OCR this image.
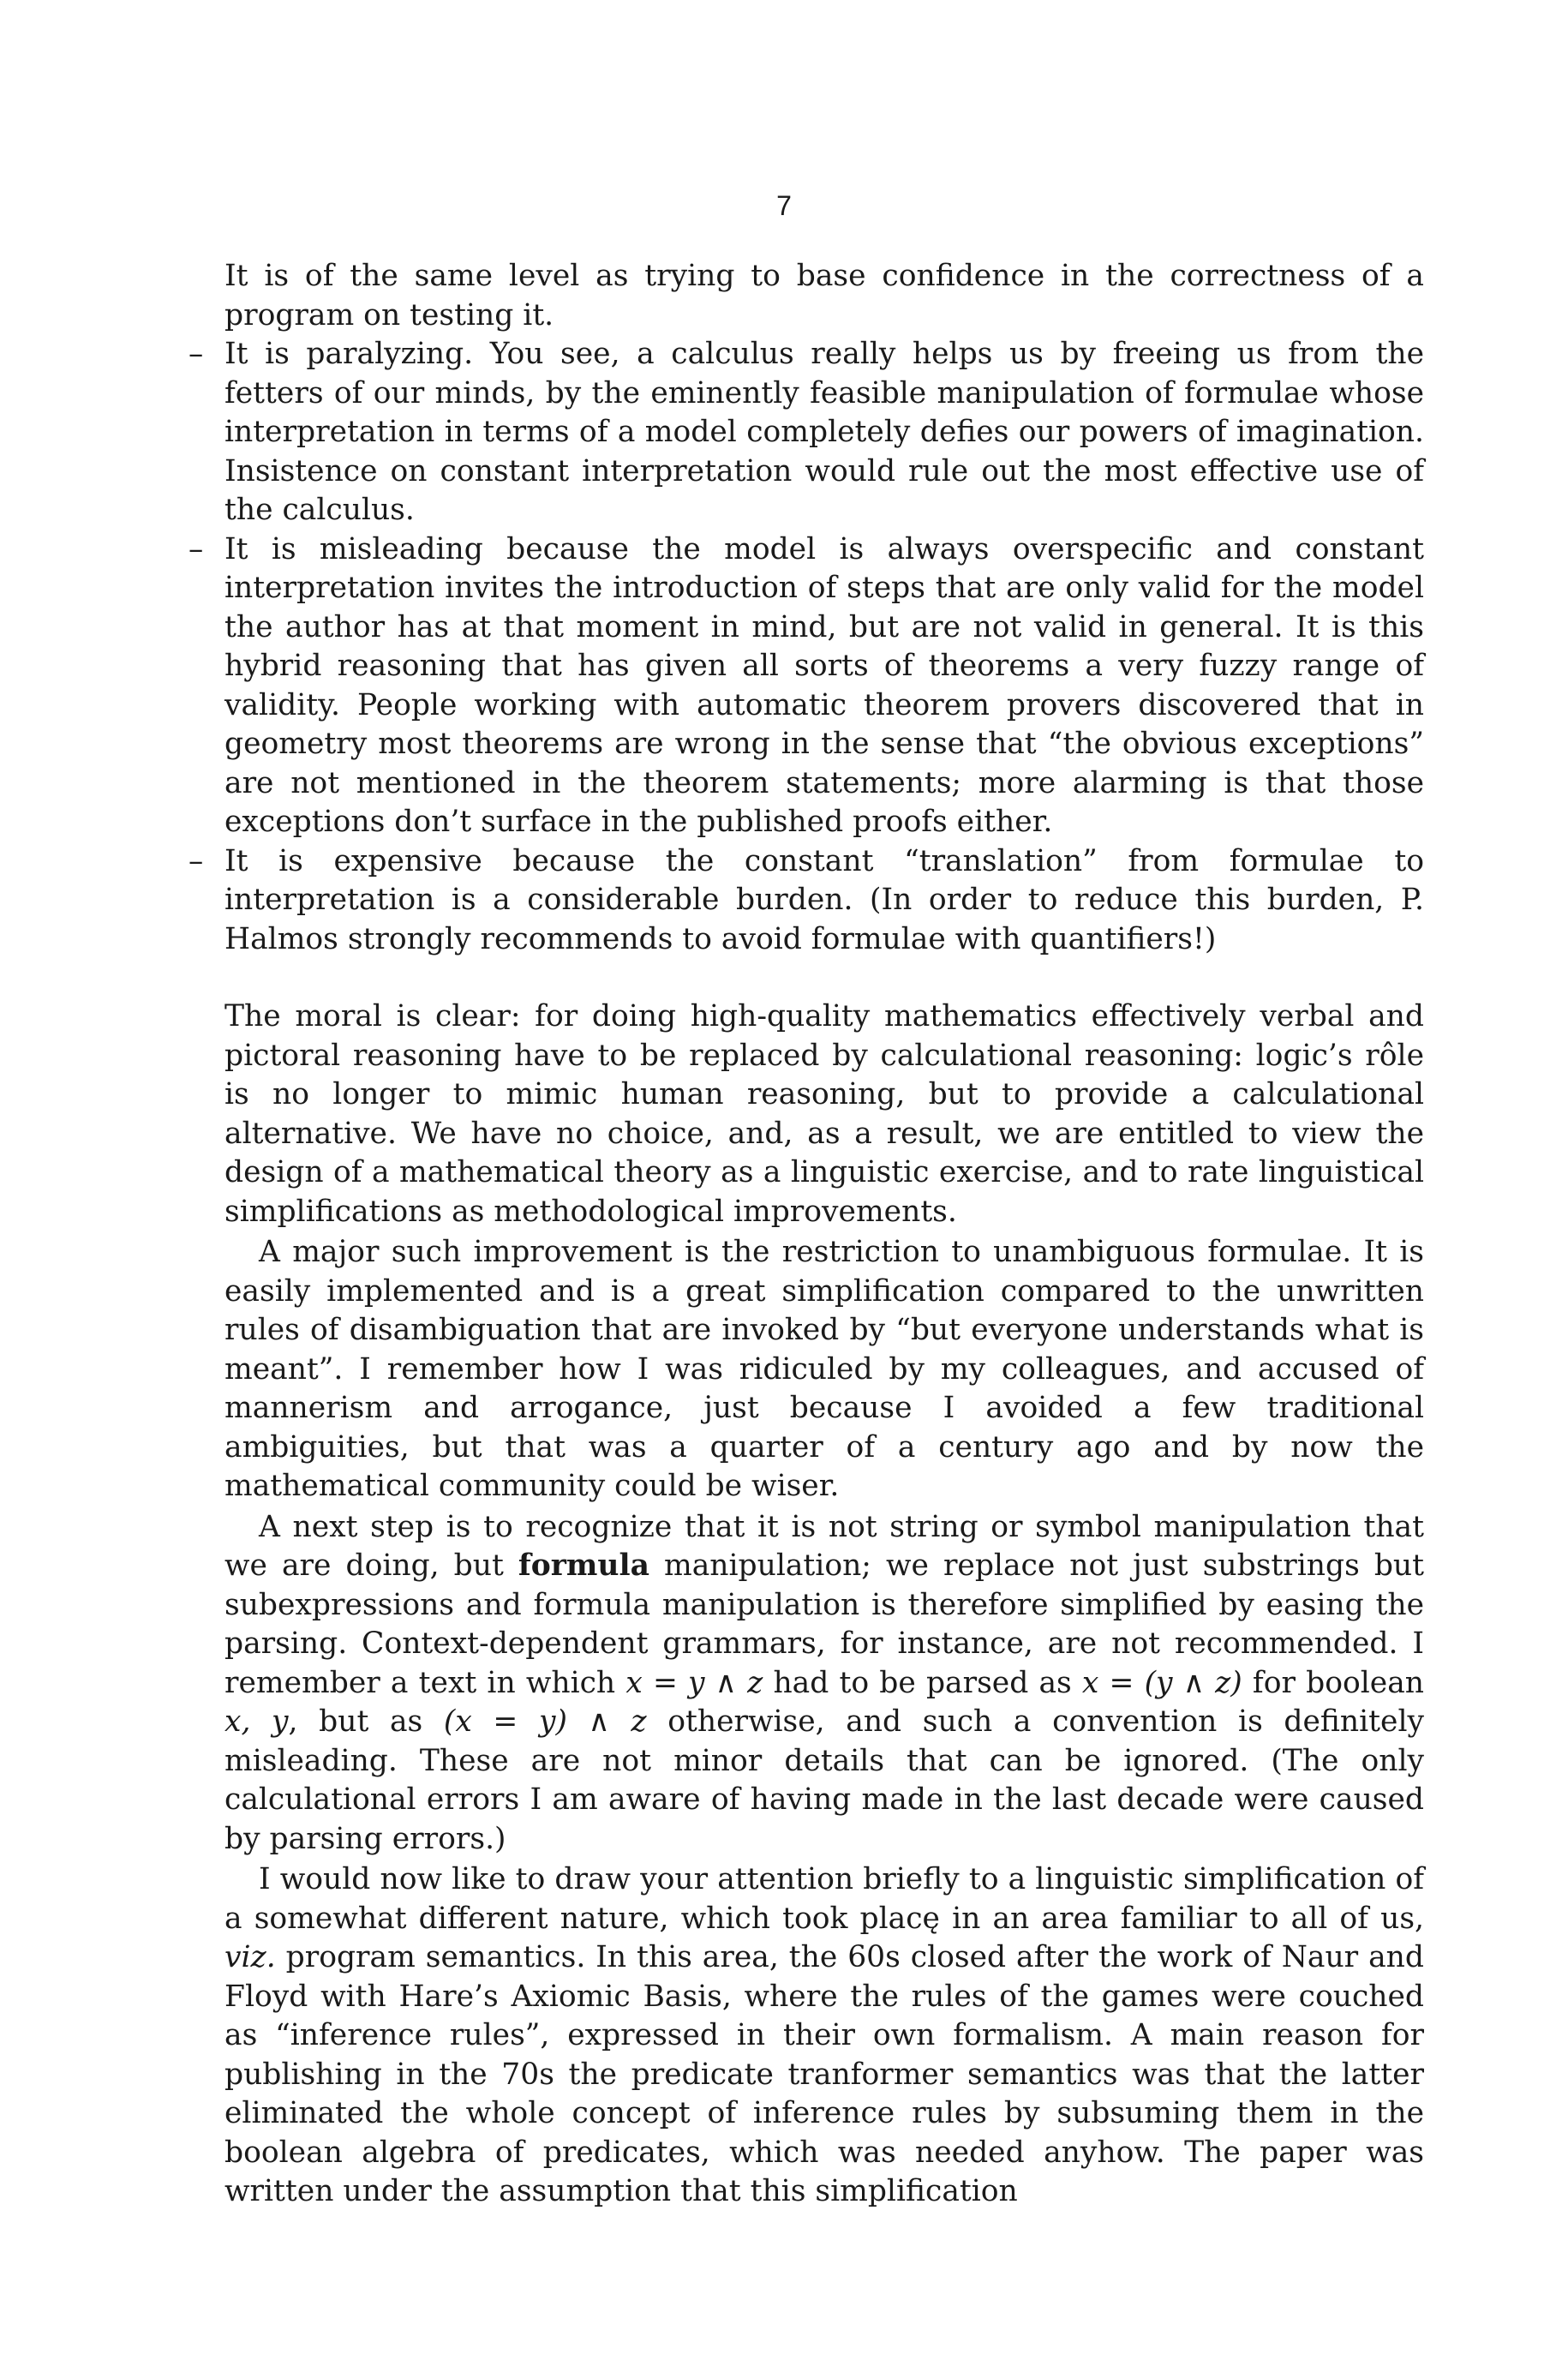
7

It is of the same level as trying to base confidence in the correctness of a program on testing it.

– It is paralyzing. You see, a calculus really helps us by freeing us from the fetters of our minds, by the eminently feasible manipulation of formulae whose interpretation in terms of a model completely defies our powers of imagination. Insistence on constant interpretation would rule out the most effective use of the calculus.
– It is misleading because the model is always overspecific and constant interpretation invites the introduction of steps that are only valid for the model the author has at that moment in mind, but are not valid in general. It is this hybrid reasoning that has given all sorts of theorems a very fuzzy range of validity. People working with automatic theorem provers discovered that in geometry most theorems are wrong in the sense that “the obvious exceptions” are not mentioned in the theorem statements; more alarming is that those exceptions don’t surface in the published proofs either.
– It is expensive because the constant “translation” from formulae to interpretation is a considerable burden. (In order to reduce this burden, P. Halmos strongly recommends to avoid formulae with quantifiers!)

The moral is clear: for doing high-quality mathematics effectively verbal and pictoral reasoning have to be replaced by calculational reasoning: logic’s rôle is no longer to mimic human reasoning, but to provide a calculational alternative. We have no choice, and, as a result, we are entitled to view the design of a mathematical theory as a linguistic exercise, and to rate linguistical simplifications as methodological improvements.

A major such improvement is the restriction to unambiguous formulae. It is easily implemented and is a great simplification compared to the unwritten rules of disambiguation that are invoked by “but everyone understands what is meant”. I remember how I was ridiculed by my colleagues, and accused of mannerism and arrogance, just because I avoided a few traditional ambiguities, but that was a quarter of a century ago and by now the mathematical community could be wiser.

A next step is to recognize that it is not string or symbol manipulation that we are doing, but formula manipulation; we replace not just substrings but subexpressions and formula manipulation is therefore simplified by easing the parsing. Context-dependent grammars, for instance, are not recommended. I remember a text in which x = y ∧ z had to be parsed as x = (y ∧ z) for boolean x, y, but as (x = y) ∧ z otherwise, and such a convention is definitely misleading. These are not minor details that can be ignored. (The only calculational errors I am aware of having made in the last decade were caused by parsing errors.)

I would now like to draw your attention briefly to a linguistic simplification of a somewhat different nature, which took placę in an area familiar to all of us, viz. program semantics. In this area, the 60s closed after the work of Naur and Floyd with Hare’s Axiomic Basis, where the rules of the games were couched as “inference rules”, expressed in their own formalism. A main reason for publishing in the 70s the predicate tranformer semantics was that the latter eliminated the whole concept of inference rules by subsuming them in the boolean algebra of predicates, which was needed anyhow. The paper was written under the assumption that this simplification
